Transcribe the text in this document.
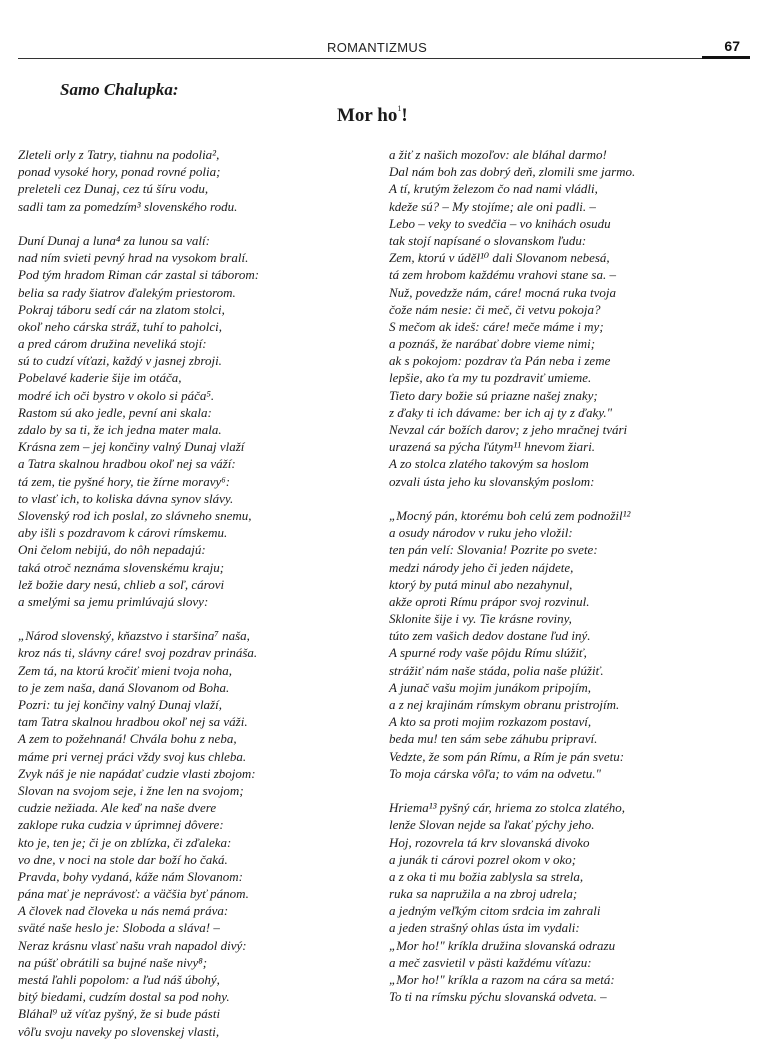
ROMANTIZMUS	67
Samo Chalupka:
Mor $ho^1$!
Zleteli orly z Tatry, tiahnu na podolia²,
ponad vysoké hory, ponad rovné polia;
preleteli cez Dunaj, cez tú šíru vodu,
sadli tam za pomedzím³ slovenského rodu.
Duní Dunaj a luna⁴ za lunou sa valí:
nad ním svieti pevný hrad na vysokom bralí.
Pod tým hradom Riman cár zastal si táborom:
belia sa rady šiatrov ďalekým priestorom.
Pokraj táboru sedí cár na zlatom stolci,
okoľ neho cárska stráž, tuhí to paholci,
a pred cárom družina neveliká stojí:
sú to cudzí víťazi, každý v jasnej zbroji.
Pobelavé kaderie šije im otáča,
modré ich oči bystro v okolo si páča⁵.
Rastom sú ako jedle, pevní ani skala:
zdalo by sa ti, že ich jedna mater mala.
Krásna zem – jej končiny valný Dunaj vlaží
a Tatra skalnou hradbou okoľ nej sa váží:
tá zem, tie pyšné hory, tie žírne moravy⁶:
to vlasť ich, to koliska dávna synov slávy.
Slovenský rod ich poslal, zo slávneho snemu,
aby išli s pozdravom k cárovi rímskemu.
Oni čelom nebijú, do nôh nepadajú:
taká otroč neznáma slovenskému kraju;
lež božie dary nesú, chlieb a soľ, cárovi
a smelými sa jemu primlúvajú slovy:
„Národ slovenský, kňazstvo i staršina⁷ naša,
kroz nás ti, slávny cáre! svoj pozdrav prináša.
Zem tá, na ktorú kročiť mieni tvoja noha,
to je zem naša, daná Slovanom od Boha.
Pozri: tu jej končiny valný Dunaj vlaží,
tam Tatra skalnou hradbou okoľ nej sa váži.
A zem to požehnaná! Chvála bohu z neba,
máme pri vernej práci vždy svoj kus chleba.
Zvyk náš je nie napádať cudzie vlasti zbojom:
Slovan na svojom seje, i žne len na svojom;
cudzie nežiada. Ale keď na naše dvere
zaklope ruka cudzia v úprimnej dôvere:
kto je, ten je; či je on zblízka, či zďaleka:
vo dne, v noci na stole dar boží ho čaká.
Pravda, bohy vydaná, káže nám Slovanom:
pána mať je neprávosť: a väčšia byť pánom.
A človek nad človeka u nás nemá práva:
sväté naše heslo je: Sloboda a sláva! –
Neraz krásnu vlasť našu vrah napadol divý:
na púšť obrátili sa bujné naše nivy⁸;
mestá ľahli popolom: a ľud náš úbohý,
bitý biedami, cudzím dostal sa pod nohy.
Bláhal⁹ už víťaz pyšný, že si bude pásti
vôľu svoju naveky po slovenskej vlasti,
a žiť z našich mozoľov: ale bláhal darmo!
Dal nám boh zas dobrý deň, zlomili sme jarmo.
A tí, krutým železom čo nad nami vládli,
kdeže sú? – My stojíme; ale oni padli. –
Lebo – veky to svedčia – vo knihách osudu
tak stojí napísané o slovanskom ľudu:
Zem, ktorú v úděl¹⁰ dali Slovanom nebesá,
tá zem hrobom každému vrahovi stane sa. –
Nuž, povedzže nám, cáre! mocná ruka tvoja
čože nám nesie: či meč, či vetvu pokoja?
S mečom ak ideš: cáre! meče máme i my;
a poznáš, že narábať dobre vieme nimi;
ak s pokojom: pozdrav ťa Pán neba i zeme
lepšie, ako ťa my tu pozdraviť umieme.
Tieto dary božie sú priazne našej znaky;
z ďaky ti ich dávame: ber ich aj ty z ďaky."
Nevzal cár božích darov; z jeho mračnej tvári
urazená sa pýcha ľútym¹¹ hnevom žiari.
A zo stolca zlatého takovým sa hoslom
ozvali ústa jeho ku slovanským poslom:
„Mocný pán, ktorému boh celú zem podnožil¹²
a osudy národov v ruku jeho vložil:
ten pán velí: Slovania! Pozrite po svete:
medzi národy jeho či jeden nájdete,
ktorý by putá minul abo nezahynul,
akže oproti Rímu prápor svoj rozvinul.
Sklonite šije i vy. Tie krásne roviny,
túto zem vašich dedov dostane ľud iný.
A spurné rody vaše pôjdu Rímu slúžiť,
strážiť nám naše stáda, polia naše plúžiť.
A junač vašu mojim junákom pripojím,
a z nej krajinám rímskym obranu pristrojím.
A kto sa proti mojim rozkazom postaví,
beda mu! ten sám sebe záhubu pripraví.
Vedzte, že som pán Rímu, a Rím je pán svetu:
To moja cárska vôľa; to vám na odvetu."
Hriema¹³ pyšný cár, hriema zo stolca zlatého,
lenže Slovan nejde sa ľakať pýchy jeho.
Hoj, rozovrela tá krv slovanská divoko
a junák ti cárovi pozrel okom v oko;
a z oka ti mu božia zablysla sa strela,
ruka sa napružila a na zbroj udrela;
a jedným veľkým citom srdcia im zahrali
a jeden strašný ohlas ústa im vydali:
„Mor ho!" kríkla družina slovanská odrazu
a meč zasvietil v pästi každému víťazu:
„Mor ho!" kríkla a razom na cára sa metá:
To ti na rímsku pýchu slovanská odveta. –
